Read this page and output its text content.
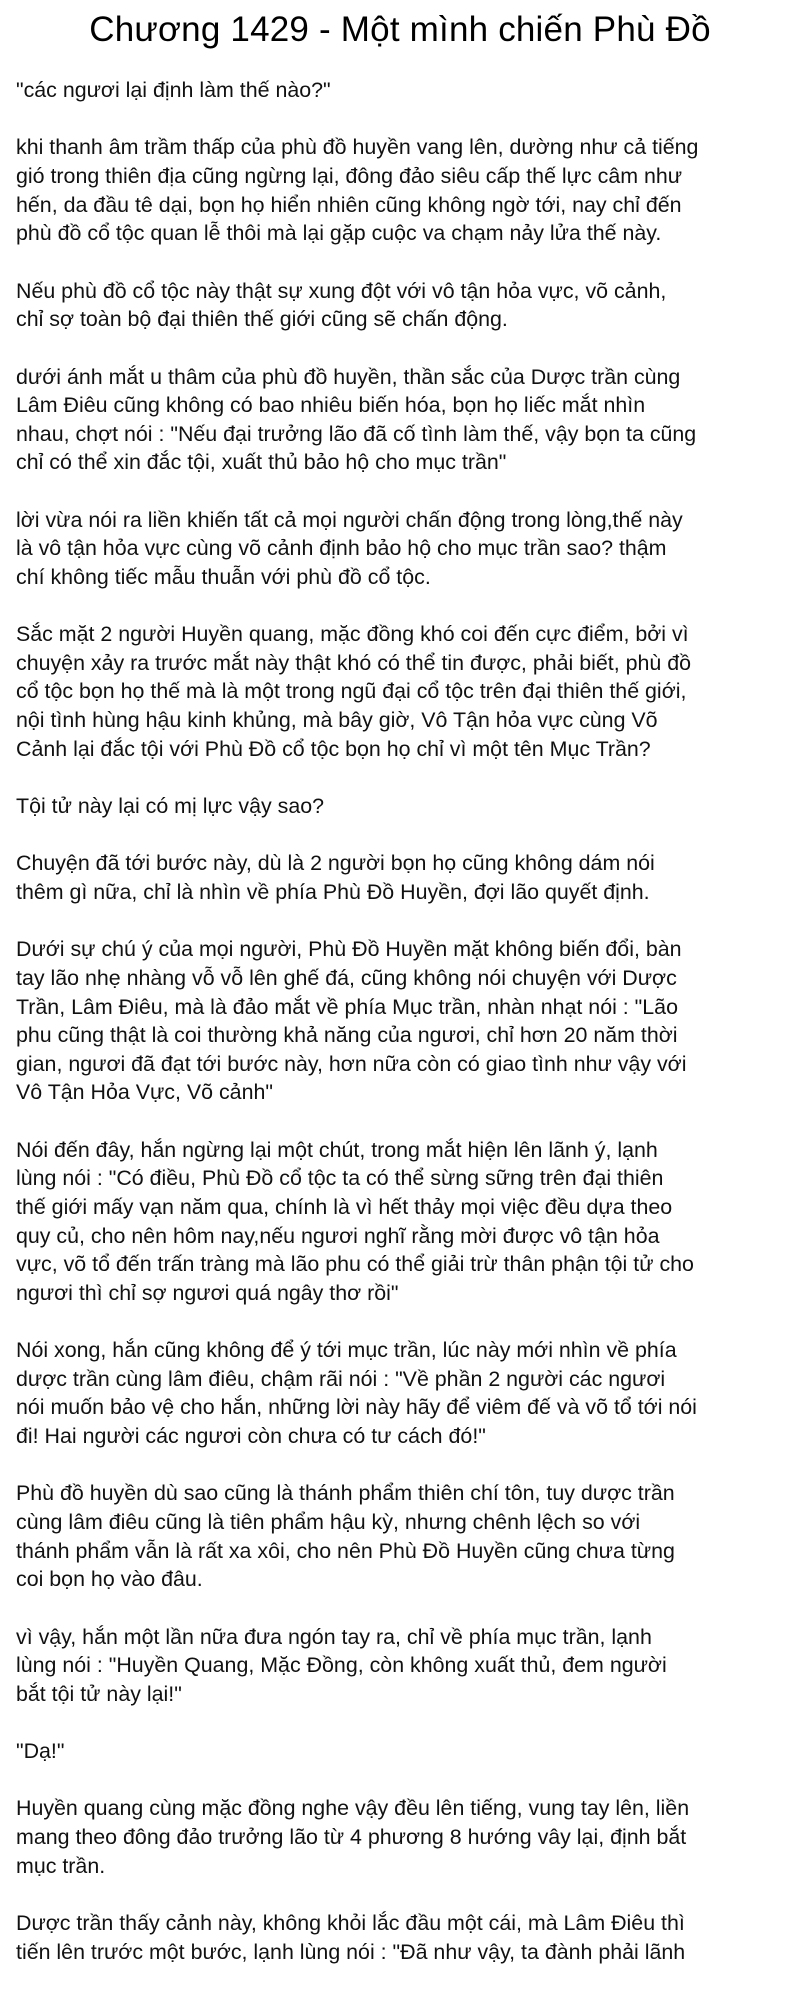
Chương 1429 - Một mình chiến Phù Đồ

"các ngươi lại định làm thế nào?"

khi thanh âm trầm thấp của phù đồ huyền vang lên, dường như cả tiếng
gió trong thiên địa cũng ngừng lại, đông đảo siêu cấp thế lực câm như
hến, da đầu tê dại, bọn họ hiển nhiên cũng không ngờ tới, nay chỉ đến
phù đồ cổ tộc quan lễ thôi mà lại gặp cuộc va chạm nảy lửa thế này.

Nếu phù đồ cổ tộc này thật sự xung đột với vô tận hỏa vực, võ cảnh,
chỉ sợ toàn bộ đại thiên thế giới cũng sẽ chấn động.

dưới ánh mắt u thâm của phù đồ huyền, thần sắc của Dược trần cùng
Lâm Điêu cũng không có bao nhiêu biến hóa, bọn họ liếc mắt nhìn
nhau, chợt nói : "Nếu đại trưởng lão đã cố tình làm thế, vậy bọn ta cũng
chỉ có thể xin đắc tội, xuất thủ bảo hộ cho mục trần"

lời vừa nói ra liền khiến tất cả mọi người chấn động trong lòng,thế này
là vô tận hỏa vực cùng võ cảnh định bảo hộ cho mục trần sao? thậm
chí không tiếc mẫu thuẫn với phù đồ cổ tộc.

Sắc mặt 2 người Huyền quang, mặc đồng khó coi đến cực điểm, bởi vì
chuyện xảy ra trước mắt này thật khó có thể tin được, phải biết, phù đồ
cổ tộc bọn họ thế mà là một trong ngũ đại cổ tộc trên đại thiên thế giới,
nội tình hùng hậu kinh khủng, mà bây giờ, Vô Tận hỏa vực cùng Võ
Cảnh lại đắc tội với Phù Đồ cổ tộc bọn họ chỉ vì một tên Mục Trần?

Tội tử này lại có mị lực vậy sao?

Chuyện đã tới bước này, dù là 2 người bọn họ cũng không dám nói
thêm gì nữa, chỉ là nhìn về phía Phù Đồ Huyền, đợi lão quyết định.

Dưới sự chú ý của mọi người, Phù Đồ Huyền mặt không biến đổi, bàn
tay lão nhẹ nhàng vỗ vỗ lên ghế đá, cũng không nói chuyện với Dược
Trần, Lâm Điêu, mà là đảo mắt về phía Mục trần, nhàn nhạt nói : "Lão
phu cũng thật là coi thường khả năng của ngươi, chỉ hơn 20 năm thời
gian, ngươi đã đạt tới bước này, hơn nữa còn có giao tình như vậy với
Vô Tận Hỏa Vực, Võ cảnh"

Nói đến đây, hắn ngừng lại một chút, trong mắt hiện lên lãnh ý, lạnh
lùng nói : "Có điều, Phù Đồ cổ tộc ta có thể sừng sững trên đại thiên
thế giới mấy vạn năm qua, chính là vì hết thảy mọi việc đều dựa theo
quy củ, cho nên hôm nay,nếu ngươi nghĩ rằng mời được vô tận hỏa
vực, võ tổ đến trấn tràng mà lão phu có thể giải trừ thân phận tội tử cho
ngươi thì chỉ sợ ngươi quá ngây thơ rồi"

Nói xong, hắn cũng không để ý tới mục trần, lúc này mới nhìn về phía
dược trần cùng lâm điêu, chậm rãi nói : "Về phần 2 người các ngươi
nói muốn bảo vệ cho hắn, những lời này hãy để viêm đế và võ tổ tới nói
đi! Hai người các ngươi còn chưa có tư cách đó!"

Phù đồ huyền dù sao cũng là thánh phẩm thiên chí tôn, tuy dược trần
cùng lâm điêu cũng là tiên phẩm hậu kỳ, nhưng chênh lệch so với
thánh phẩm vẫn là rất xa xôi, cho nên Phù Đồ Huyền cũng chưa từng
coi bọn họ vào đâu.

vì vậy, hắn một lần nữa đưa ngón tay ra, chỉ về phía mục trần, lạnh
lùng nói : "Huyền Quang, Mặc Đồng, còn không xuất thủ, đem người
bắt tội tử này lại!"

"Dạ!"

Huyền quang cùng mặc đồng nghe vậy đều lên tiếng, vung tay lên, liền
mang theo đông đảo trưởng lão từ 4 phương 8 hướng vây lại, định bắt
mục trần.

Dược trần thấy cảnh này, không khỏi lắc đầu một cái, mà Lâm Điêu thì
tiến lên trước một bước, lạnh lùng nói : "Đã như vậy, ta đành phải lãnh
